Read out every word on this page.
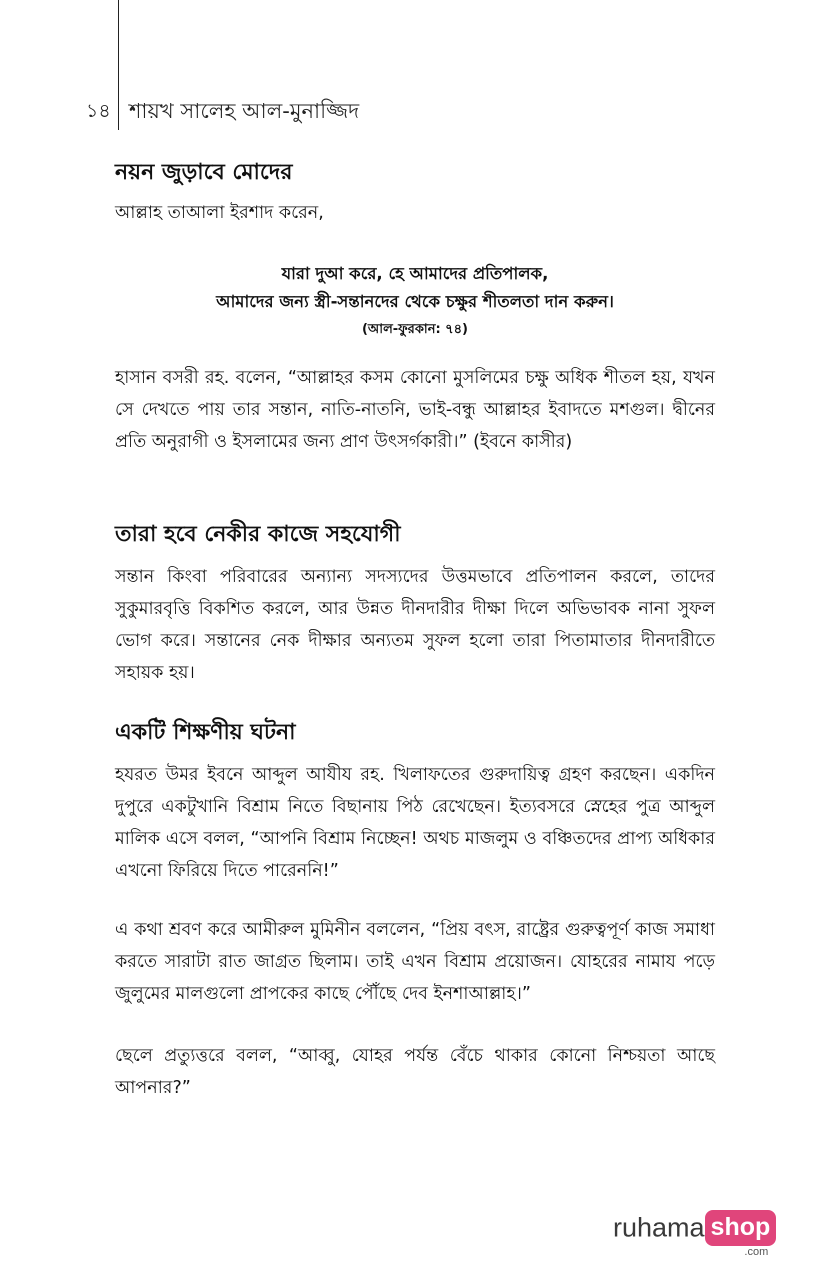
১৪ শায়খ সালেহ আল-মুনাজ্জিদ
নয়ন জুড়াবে মোদের

আল্লাহ তাআলা ইরশাদ করেন,

যারা দুআ করে, হে আমাদের প্রতিপালক,
আমাদের জন্য স্ত্রী-সন্তানদের থেকে চক্ষুর শীতলতা দান করুন।
(আল-ফুরকান: ৭৪)

হাসান বসরী রহ. বলেন, “আল্লাহর কসম কোনো মুসলিমের চক্ষু অধিক শীতল হয়, যখন সে দেখতে পায় তার সন্তান, নাতি-নাতনি, ভাই-বন্ধু আল্লাহর ইবাদতে মশগুল। দ্বীনের প্রতি অনুরাগী ও ইসলামের জন্য প্রাণ উৎসর্গকারী।” (ইবনে কাসীর)

তারা হবে নেকীর কাজে সহযোগী

সন্তান কিংবা পরিবারের অন্যান্য সদস্যদের উত্তমভাবে প্রতিপালন করলে, তাদের সুকুমারবৃত্তি বিকশিত করলে, আর উন্নত দীনদারীর দীক্ষা দিলে অভিভাবক নানা সুফল ভোগ করে। সন্তানের নেক দীক্ষার অন্যতম সুফল হলো তারা পিতামাতার দীনদারীতে সহায়ক হয়।

একটি শিক্ষণীয় ঘটনা

হযরত উমর ইবনে আব্দুল আযীয রহ. খিলাফতের গুরুদায়িত্ব গ্রহণ করছেন। একদিন দুপুরে একটুখানি বিশ্রাম নিতে বিছানায় পিঠ রেখেছেন। ইত্যবসরে স্নেহের পুত্র আব্দুল মালিক এসে বলল, “আপনি বিশ্রাম নিচ্ছেন! অথচ মাজলুম ও বঞ্চিতদের প্রাপ্য অধিকার এখনো ফিরিয়ে দিতে পারেননি!”

এ কথা শ্রবণ করে আমীরুল মুমিনীন বললেন, “প্রিয় বৎস, রাষ্ট্রের গুরুত্বপূর্ণ কাজ সমাধা করতে সারাটা রাত জাগ্রত ছিলাম। তাই এখন বিশ্রাম প্রয়োজন। যোহরের নামায পড়ে জুলুমের মালগুলো প্রাপকের কাছে পৌঁছে দেব ইনশাআল্লাহ।”

ছেলে প্রত্যুত্তরে বলল, “আব্বু, যোহর পর্যন্ত বেঁচে থাকার কোনো নিশ্চয়তা আছে আপনার?”

ruhama shop
.com
